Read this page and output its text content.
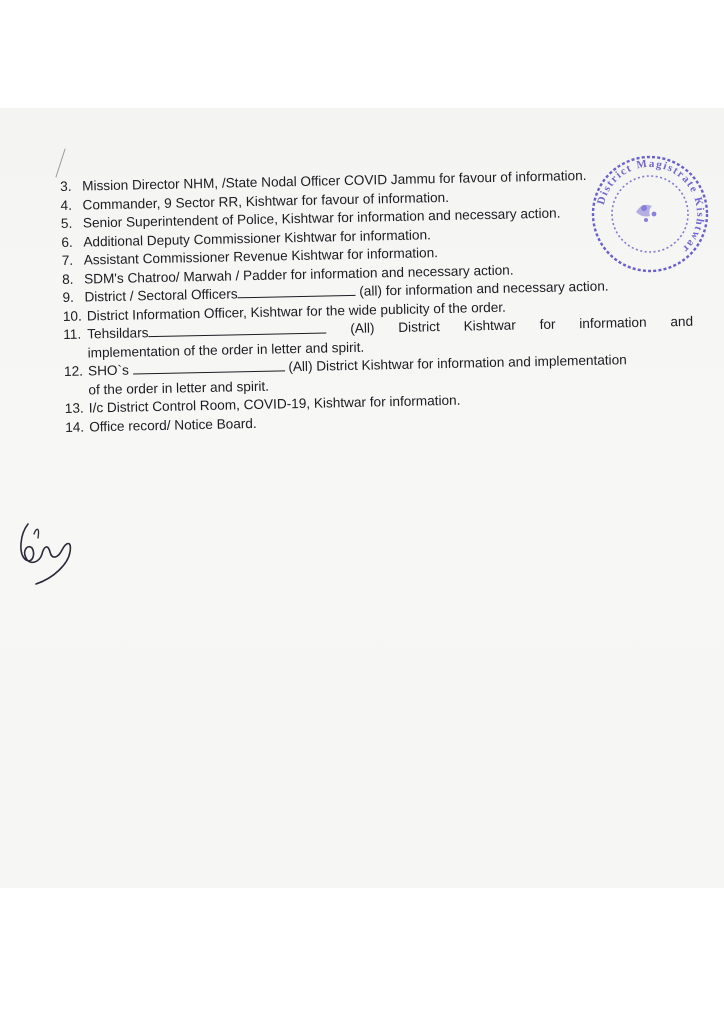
3. Mission Director NHM, /State Nodal Officer COVID Jammu for favour of information.
4. Commander, 9 Sector RR, Kishtwar for favour of information.
5. Senior Superintendent of Police, Kishtwar for information and necessary action.
6. Additional Deputy Commissioner Kishtwar for information.
7. Assistant Commissioner Revenue Kishtwar for information.
8. SDM's Chatroo/ Marwah / Padder for information and necessary action.
9. District / Sectoral Officers	(all) for information and necessary action.
10. District Information Officer, Kishtwar for the wide publicity of the order.
11. Tehsildars	(All) District Kishtwar for information and
implementation of the order in letter and spirit.
12. SHO`s	(All) District Kishtwar for information and implementation
of the order in letter and spirit.
13. I/c District Control Room, COVID-19, Kishtwar for information.
14. Office record/ Notice Board.
District Magistrate Kishtwar
